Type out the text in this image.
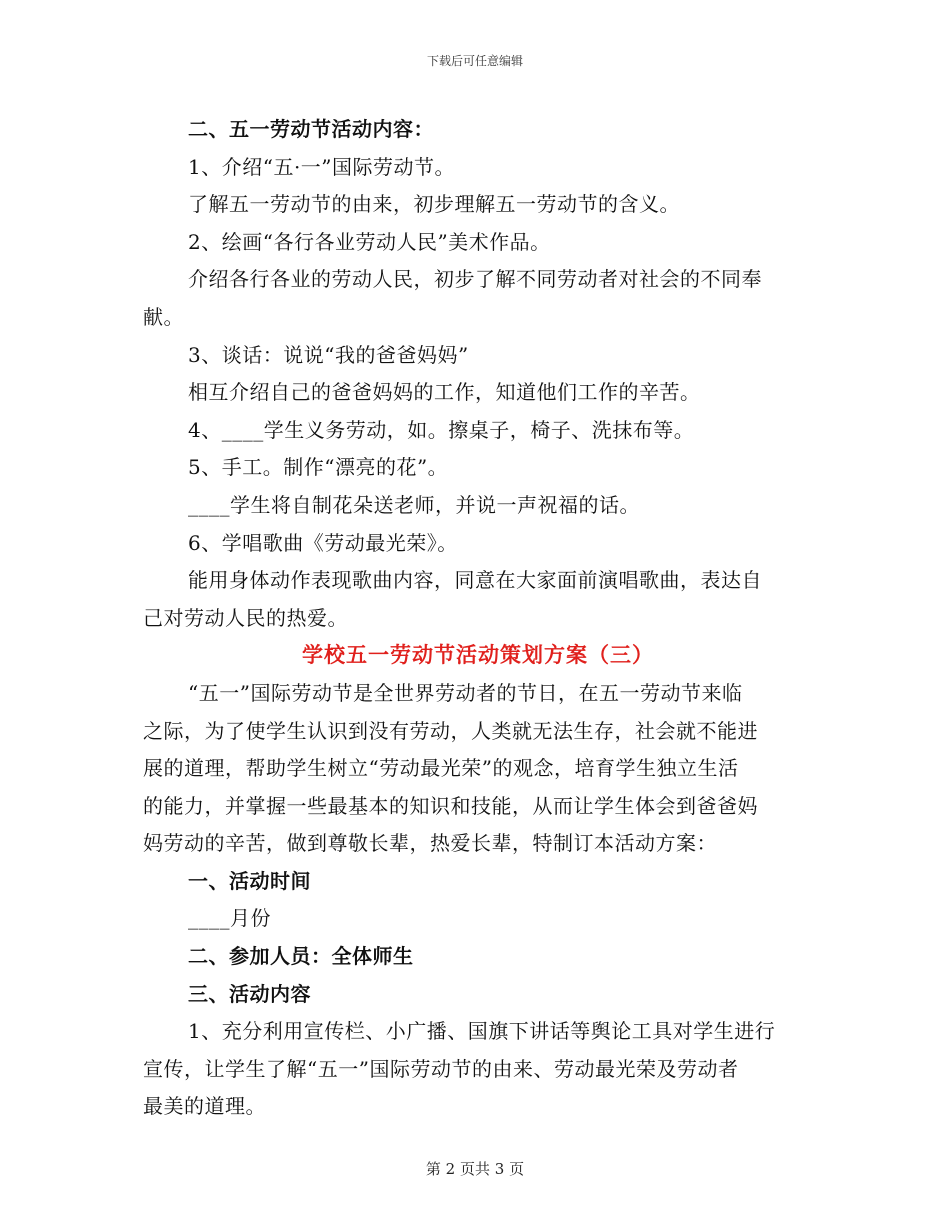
下载后可任意编辑
二、五一劳动节活动内容：
1、介绍“五·一”国际劳动节。
了解五一劳动节的由来，初步理解五一劳动节的含义。
2、绘画“各行各业劳动人民”美术作品。
介绍各行各业的劳动人民，初步了解不同劳动者对社会的不同奉
献。
3、谈话：说说“我的爸爸妈妈”
相互介绍自己的爸爸妈妈的工作，知道他们工作的辛苦。
4、____学生义务劳动，如。擦桌子，椅子、洗抹布等。
5、手工。制作“漂亮的花”。
____学生将自制花朵送老师，并说一声祝福的话。
6、学唱歌曲《劳动最光荣》。
能用身体动作表现歌曲内容，同意在大家面前演唱歌曲，表达自
己对劳动人民的热爱。
学校五一劳动节活动策划方案（三）
“五一”国际劳动节是全世界劳动者的节日，在五一劳动节来临
之际，为了使学生认识到没有劳动，人类就无法生存，社会就不能进
展的道理，帮助学生树立“劳动最光荣”的观念，培育学生独立生活
的能力，并掌握一些最基本的知识和技能，从而让学生体会到爸爸妈
妈劳动的辛苦，做到尊敬长辈，热爱长辈，特制订本活动方案：
一、活动时间
____月份
二、参加人员：全体师生
三、活动内容
1、充分利用宣传栏、小广播、国旗下讲话等舆论工具对学生进行
宣传，让学生了解“五一”国际劳动节的由来、劳动最光荣及劳动者
最美的道理。
第 2 页共 3 页
